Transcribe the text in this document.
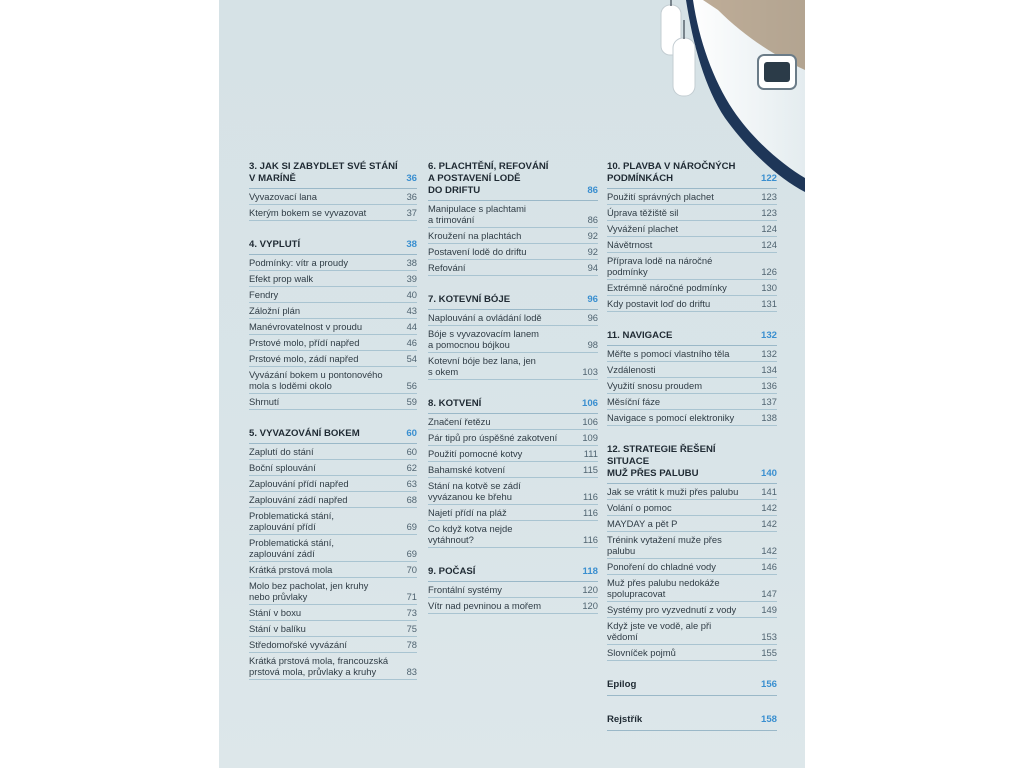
3. JAK SI ZABYDLET SVÉ STÁNÍ
V MARÍNĚ	36
Vyvazovací lana	36
Kterým bokem se vyvazovat	37
4. VYPLUTÍ	38
Podmínky: vítr a proudy	38
Efekt prop walk	39
Fendry	40
Záložní plán	43
Manévrovatelnost v proudu	44
Prstové molo, přídí napřed	46
Prstové molo, zádí napřed	54
Vyvázání bokem u pontonového
mola s loděmi okolo	56
Shrnutí	59
5. VYVAZOVÁNÍ BOKEM	60
Zaplutí do stání	60
Boční splouvání	62
Zaplouvání přídí napřed	63
Zaplouvání zádí napřed	68
Problematická stání,
zaplouvání přídí	69
Problematická stání,
zaplouvání zádí	69
Krátká prstová mola	70
Molo bez pacholat, jen kruhy
nebo průvlaky	71
Stání v boxu	73
Stání v balíku	75
Středomořské vyvázání	78
Krátká prstová mola, francouzská
prstová mola, průvlaky a kruhy	83
6. PLACHTĚNÍ, REFOVÁNÍ
A POSTAVENÍ LODĚ
DO DRIFTU	86
Manipulace s plachtami
a trimování	86
Kroužení na plachtách	92
Postavení lodě do driftu	92
Refování	94
7. KOTEVNÍ BÓJE	96
Naplouvání a ovládání lodě	96
Bóje s vyvazovacím lanem
a pomocnou bójkou	98
Kotevní bóje bez lana, jen
s okem	103
8. KOTVENÍ	106
Značení řetězu	106
Pár tipů pro úspěšné zakotvení	109
Použití pomocné kotvy	111
Bahamské kotvení	115
Stání na kotvě se zádí
vyvázanou ke břehu	116
Najetí přídí na pláž	116
Co když kotva nejde
vytáhnout?	116
9. POČASÍ	118
Frontální systémy	120
Vítr nad pevninou a mořem	120
10. PLAVBA V NÁROČNÝCH
PODMÍNKÁCH	122
Použití správných plachet	123
Úprava těžiště sil	123
Vyvážení plachet	124
Návětrnost	124
Příprava lodě na náročné
podmínky	126
Extrémně náročné podmínky	130
Kdy postavit loď do driftu	131
11. NAVIGACE	132
Měřte s pomocí vlastního těla	132
Vzdálenosti	134
Využití snosu proudem	136
Měsíční fáze	137
Navigace s pomocí elektroniky	138
12. STRATEGIE ŘEŠENÍ SITUACE
MUŽ PŘES PALUBU	140
Jak se vrátit k muži přes palubu	141
Volání o pomoc	142
MAYDAY a pět P	142
Trénink vytažení muže přes
palubu	142
Ponoření do chladné vody	146
Muž přes palubu nedokáže
spolupracovat	147
Systémy pro vyzvednutí z vody	149
Když jste ve vodě, ale při
vědomí	153
Slovníček pojmů	155
Epilog	156
Rejstřík	158
